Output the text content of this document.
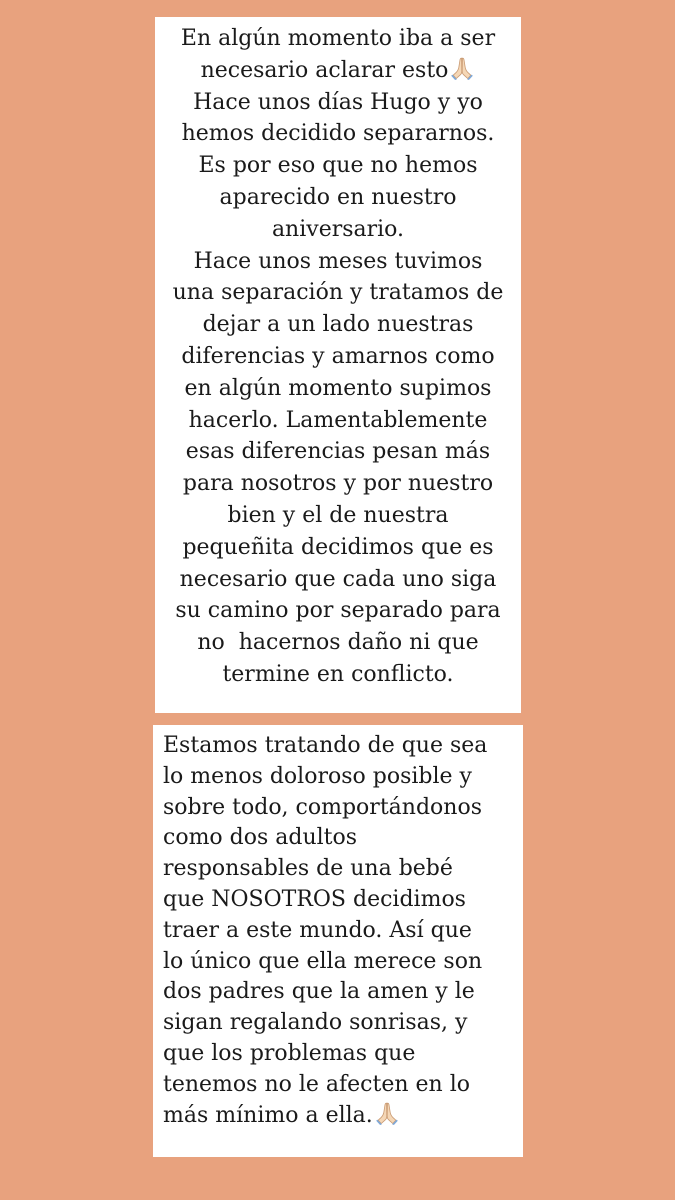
En algún momento iba a ser
necesario aclarar esto
Hace unos días Hugo y yo
hemos decidido separarnos.
Es por eso que no hemos
aparecido en nuestro
aniversario.
Hace unos meses tuvimos
una separación y tratamos de
dejar a un lado nuestras
diferencias y amarnos como
en algún momento supimos
hacerlo. Lamentablemente
esas diferencias pesan más
para nosotros y por nuestro
bien y el de nuestra
pequeñita decidimos que es
necesario que cada uno siga
su camino por separado para
no  hacernos daño ni que
termine en conflicto.
Estamos tratando de que sea
lo menos doloroso posible y
sobre todo, comportándonos
como dos adultos
responsables de una bebé
que NOSOTROS decidimos
traer a este mundo. Así que
lo único que ella merece son
dos padres que la amen y le
sigan regalando sonrisas, y
que los problemas que
tenemos no le afecten en lo
más mínimo a ella.
